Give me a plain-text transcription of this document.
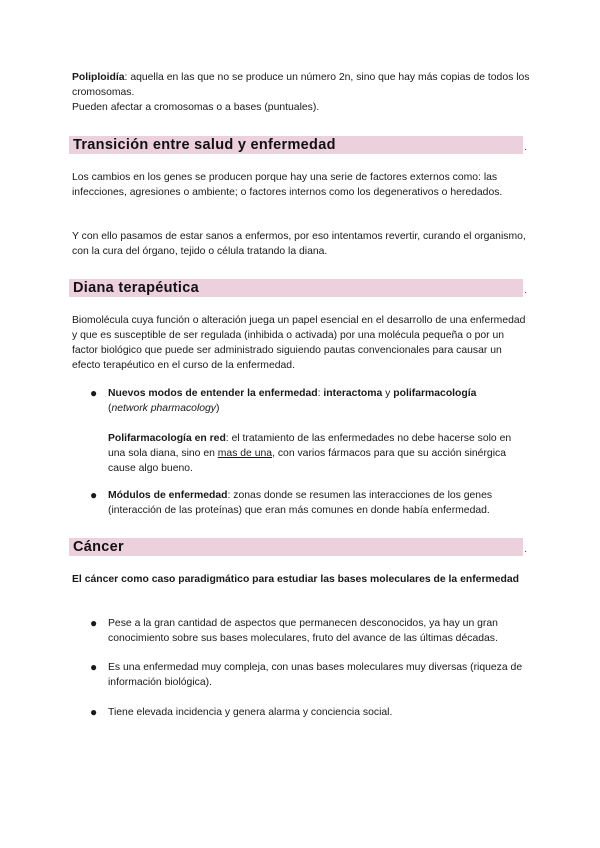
Poliploidía: aquella en las que no se produce un número 2n, sino que hay más copias de todos los cromosomas.

Pueden afectar a cromosomas o a bases (puntuales).

Transición entre salud y enfermedad	.

Los cambios en los genes se producen porque hay una serie de factores externos como: las infecciones, agresiones o ambiente; o factores internos como los degenerativos o heredados.

Y con ello pasamos de estar sanos a enfermos, por eso intentamos revertir, curando el organismo, con la cura del órgano, tejido o célula tratando la diana.

Diana terapéutica	.

Biomolécula cuya función o alteración juega un papel esencial en el desarrollo de una enfermedad y que es susceptible de ser regulada (inhibida o activada) por una molécula pequeña o por un factor biológico que puede ser administrado siguiendo pautas convencionales para causar un efecto terapéutico en el curso de la enfermedad.

● Nuevos modos de entender la enfermedad: interactoma y polifarmacología
(network pharmacology)

Polifarmacología en red: el tratamiento de las enfermedades no debe hacerse solo en una sola diana, sino en mas de una, con varios fármacos para que su acción sinérgica cause algo bueno.

● Módulos de enfermedad: zonas donde se resumen las interacciones de los genes (interacción de las proteínas) que eran más comunes en donde había enfermedad.

Cáncer	.

El cáncer como caso paradigmático para estudiar las bases moleculares de la enfermedad

● Pese a la gran cantidad de aspectos que permanecen desconocidos, ya hay un gran conocimiento sobre sus bases moleculares, fruto del avance de las últimas décadas.

● Es una enfermedad muy compleja, con unas bases moleculares muy diversas (riqueza de información biológica).

● Tiene elevada incidencia y genera alarma y conciencia social.
